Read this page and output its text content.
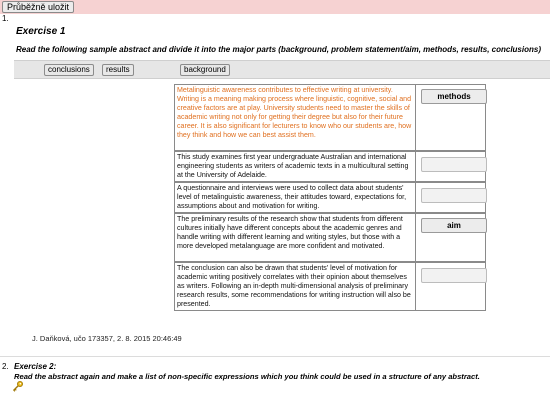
Průběžně uložit
1.
Exercise 1
Read the following sample abstract and divide it into the major parts (background, problem statement/aim, methods, results, conclusions)
conclusions	results	background
Metalinguistic awareness contributes to effective writing at university. Writing is a meaning making process where linguistic, cognitive, social and creative factors are at play. University students need to master the skills of academic writing not only for getting their degree but also for their future career. It is also significant for lecturers to know who our students are, how they think and how we can best assist them.
methods
This study examines first year undergraduate Australian and international engineering students as writers of academic texts in a multicultural setting at the University of Adelaide.
A questionnaire and interviews were used to collect data about students' level of metalinguistic awareness, their attitudes toward, expectations for, assumptions about and motivation for writing.
The preliminary results of the research show that students from different cultures initially have different concepts about the academic genres and handle writing with different learning and writing styles, but those with a more developed metalanguage are more confident and motivated.
aim
The conclusion can also be drawn that students' level of motivation for academic writing positively correlates with their opinion about themselves as writers. Following an in-depth multi-dimensional analysis of preliminary research results, some recommendations for writing instruction will also be presented.
J. Daňková, učo 173357, 2. 8. 2015 20:46:49
2. Exercise 2:
Read the abstract again and make a list of non-specific expressions which you think could be used in a structure of any abstract.
